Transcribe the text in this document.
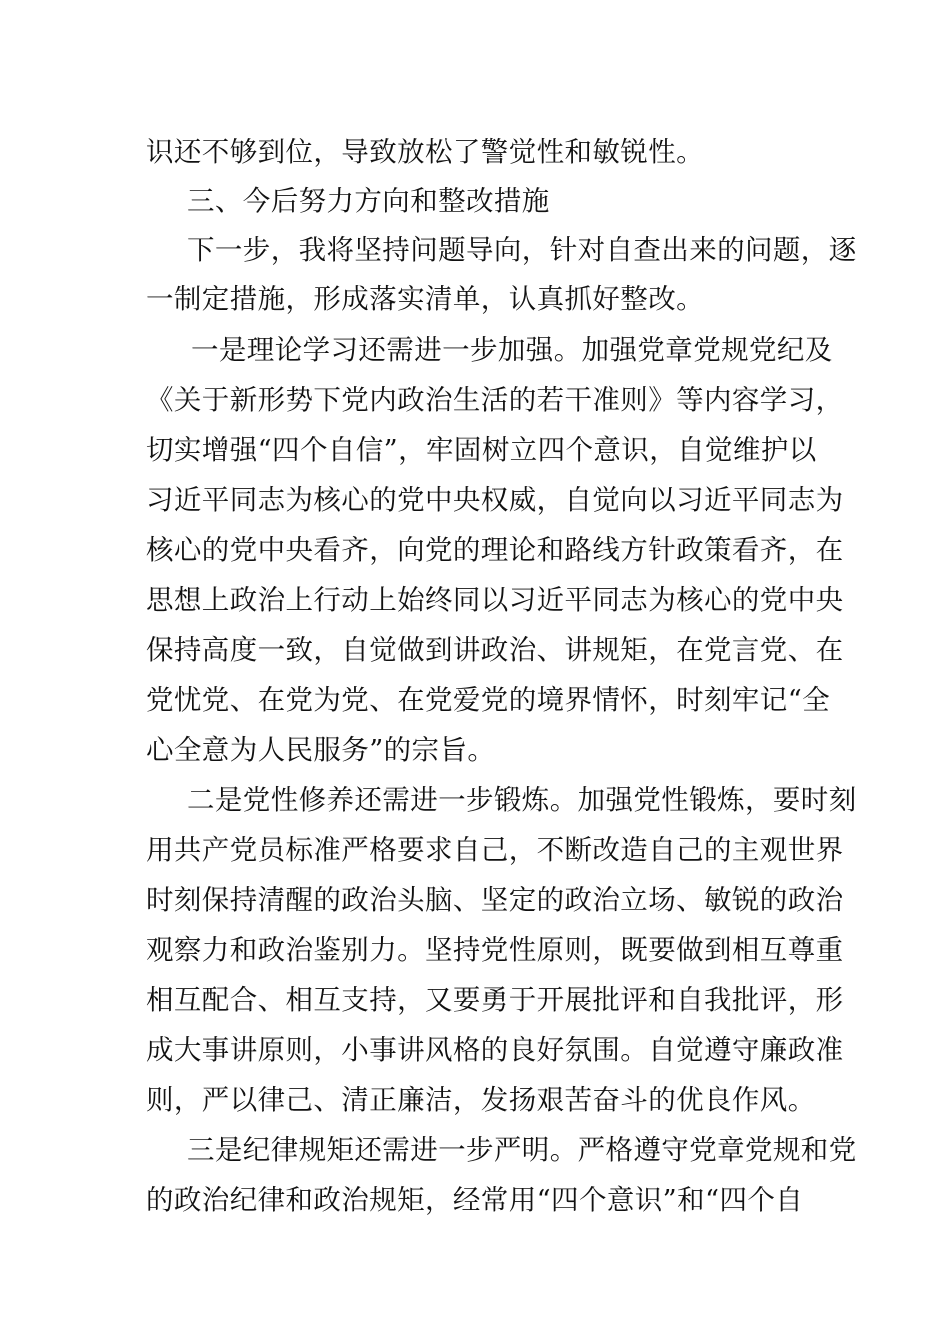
识还不够到位，导致放松了警觉性和敏锐性。
三、今后努力方向和整改措施
下一步，我将坚持问题导向，针对自查出来的问题，逐
一制定措施，形成落实清单，认真抓好整改。
一是理论学习还需进一步加强。加强党章党规党纪及
《关于新形势下党内政治生活的若干准则》等内容学习，
切实增强“四个自信”，牢固树立四个意识，自觉维护以
习近平同志为核心的党中央权威，自觉向以习近平同志为
核心的党中央看齐，向党的理论和路线方针政策看齐，在
思想上政治上行动上始终同以习近平同志为核心的党中央
保持高度一致，自觉做到讲政治、讲规矩，在党言党、在
党忧党、在党为党、在党爱党的境界情怀，时刻牢记“全
心全意为人民服务”的宗旨。
二是党性修养还需进一步锻炼。加强党性锻炼，要时刻
用共产党员标准严格要求自己，不断改造自己的主观世界
时刻保持清醒的政治头脑、坚定的政治立场、敏锐的政治
观察力和政治鉴别力。坚持党性原则，既要做到相互尊重
相互配合、相互支持，又要勇于开展批评和自我批评，形
成大事讲原则，小事讲风格的良好氛围。自觉遵守廉政准
则，严以律己、清正廉洁，发扬艰苦奋斗的优良作风。
三是纪律规矩还需进一步严明。严格遵守党章党规和党
的政治纪律和政治规矩，经常用“四个意识”和“四个自
